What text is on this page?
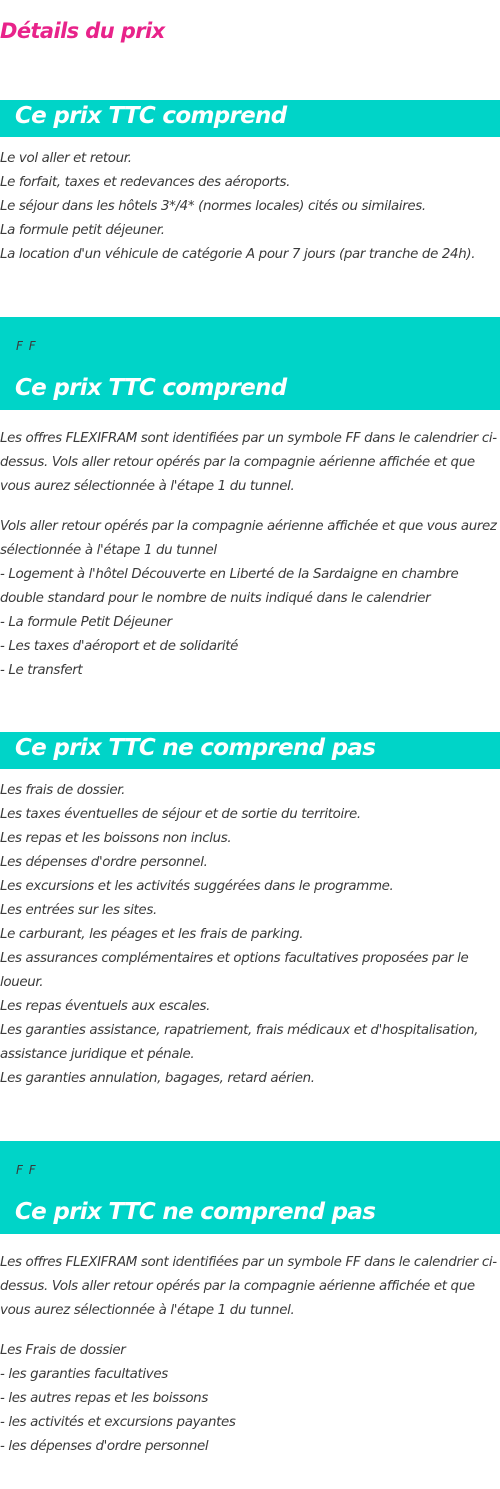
Détails du prix
Ce prix TTC comprend

Le vol aller et retour.

Le forfait, taxes et redevances des aéroports.

Le séjour dans les hôtels 3*/4* (normes locales) cités ou similaires.

La formule petit déjeuner.

La location d'un véhicule de catégorie A pour 7 jours (par tranche de 24h).

F F
Ce prix TTC comprend

Les offres FLEXIFRAM sont identifiées par un symbole FF dans le calendrier ci-dessus. Vols aller retour opérés par la compagnie aérienne affichée et que vous aurez sélectionnée à l'étape 1 du tunnel.

Vols aller retour opérés par la compagnie aérienne affichée et que vous aurez sélectionnée à l'étape 1 du tunnel

- Logement à l'hôtel Découverte en Liberté de la Sardaigne en chambre double standard pour le nombre de nuits indiqué dans le calendrier

- La formule Petit Déjeuner

- Les taxes d'aéroport et de solidarité

- Le transfert

Ce prix TTC ne comprend pas

Les frais de dossier.

Les taxes éventuelles de séjour et de sortie du territoire.

Les repas et les boissons non inclus.

Les dépenses d'ordre personnel.

Les excursions et les activités suggérées dans le programme.

Les entrées sur les sites.

Le carburant, les péages et les frais de parking.

Les assurances complémentaires et options facultatives proposées par le loueur.

Les repas éventuels aux escales.

Les garanties assistance, rapatriement, frais médicaux et d'hospitalisation, assistance juridique et pénale.

Les garanties annulation, bagages, retard aérien.

F F
Ce prix TTC ne comprend pas

Les offres FLEXIFRAM sont identifiées par un symbole FF dans le calendrier ci-dessus. Vols aller retour opérés par la compagnie aérienne affichée et que vous aurez sélectionnée à l'étape 1 du tunnel.

Les Frais de dossier

- les garanties facultatives

- les autres repas et les boissons

- les activités et excursions payantes

- les dépenses d'ordre personnel
